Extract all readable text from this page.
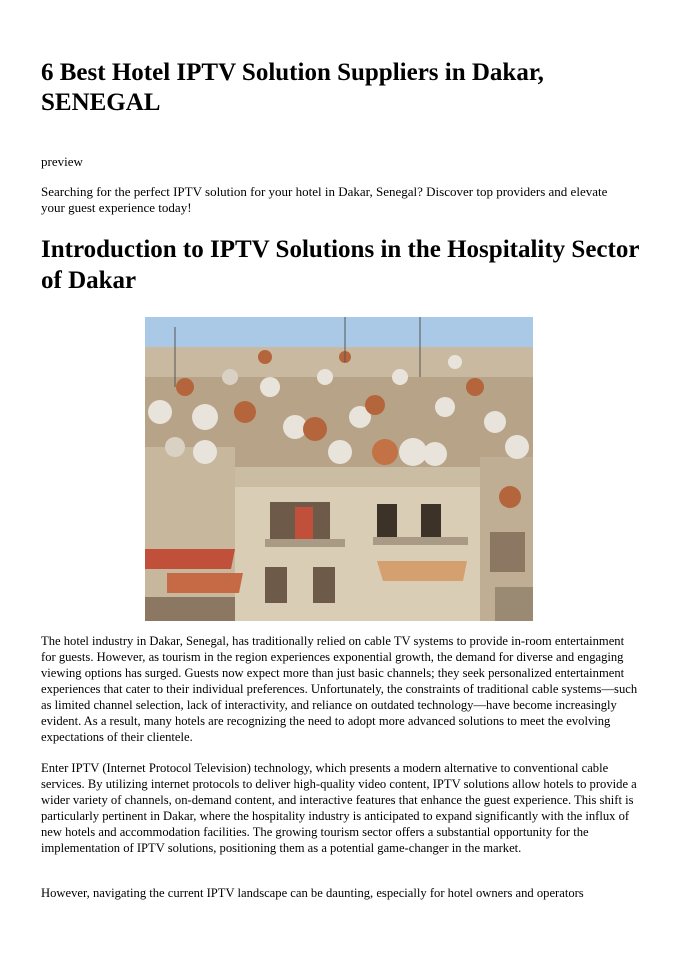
6 Best Hotel IPTV Solution Suppliers in Dakar, SENEGAL

preview

Searching for the perfect IPTV solution for your hotel in Dakar, Senegal? Discover top providers and elevate your guest experience today!

Introduction to IPTV Solutions in the Hospitality Sector of Dakar

The hotel industry in Dakar, Senegal, has traditionally relied on cable TV systems to provide in-room entertainment for guests. However, as tourism in the region experiences exponential growth, the demand for diverse and engaging viewing options has surged. Guests now expect more than just basic channels; they seek personalized entertainment experiences that cater to their individual preferences. Unfortunately, the constraints of traditional cable systems—such as limited channel selection, lack of interactivity, and reliance on outdated technology—have become increasingly evident. As a result, many hotels are recognizing the need to adopt more advanced solutions to meet the evolving expectations of their clientele.

Enter IPTV (Internet Protocol Television) technology, which presents a modern alternative to conventional cable services. By utilizing internet protocols to deliver high-quality video content, IPTV solutions allow hotels to provide a wider variety of channels, on-demand content, and interactive features that enhance the guest experience. This shift is particularly pertinent in Dakar, where the hospitality industry is anticipated to expand significantly with the influx of new hotels and accommodation facilities. The growing tourism sector offers a substantial opportunity for the implementation of IPTV solutions, positioning them as a potential game-changer in the market.

However, navigating the current IPTV landscape can be daunting, especially for hotel owners and operators
